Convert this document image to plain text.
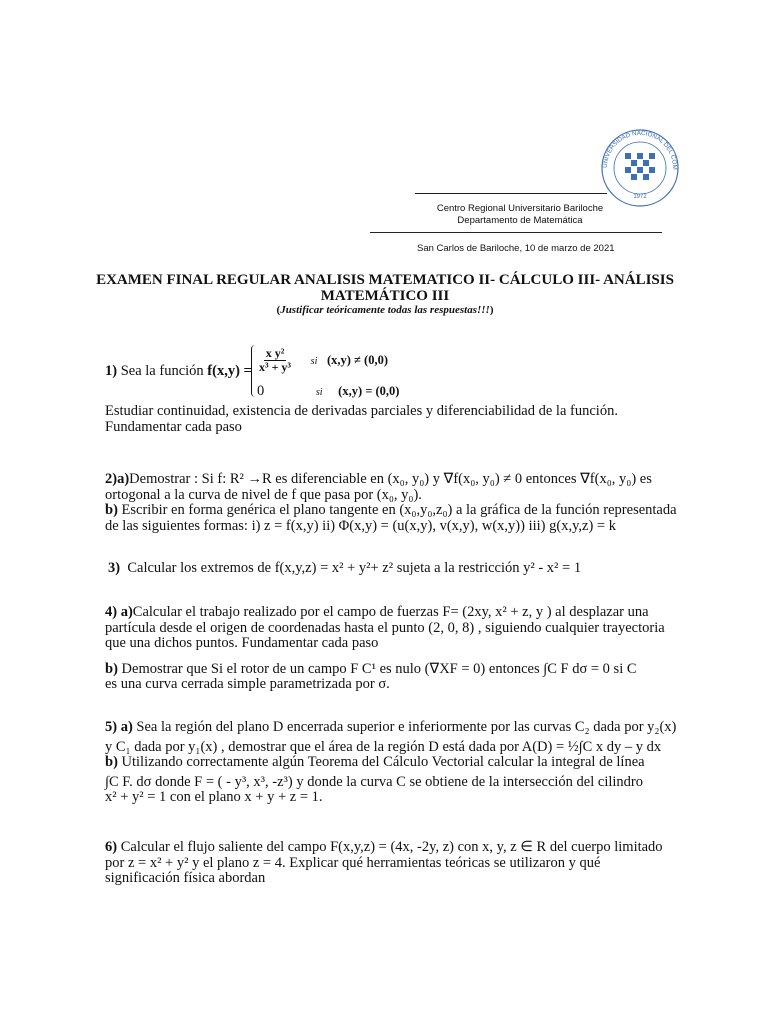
Centro Regional Universitario Bariloche
Departamento de Matemática
San Carlos de Bariloche, 10 de marzo de 2021
UNIVERSIDAD NACIONAL DEL COM
1972
EXAMEN FINAL REGULAR ANALISIS MATEMATICO II- CÁLCULO III- ANÁLISIS
MATEMÁTICO III
(Justificar teóricamente todas las respuestas!!!)
1) Sea la función $f(x,y) = \frac{\text{x y²}}{\text{x³ + y³}}$ si (x,y) ≠ (0,0)
0	si (x,y) = (0,0)
Estudiar continuidad, existencia de derivadas parciales y diferenciabilidad de la función.
Fundamentar cada paso
2)a)Demostrar : Si f: R² →R es diferenciable en (x₀, y₀) y ∇f(x₀, y₀) ≠ 0 entonces ∇f(x₀, y₀) es
ortogonal a la curva de nivel de f que pasa por (x₀, y₀).
b) Escribir en forma genérica el plano tangente en (x₀,y₀,z₀) a la gráfica de la función representada
de las siguientes formas: i) z = f(x,y) ii) Φ(x,y) = (u(x,y), v(x,y), w(x,y)) iii) g(x,y,z) = k
3) Calcular los extremos de f(x,y,z) = x² + y²+ z² sujeta a la restricción y² - x² = 1
4) a)Calcular el trabajo realizado por el campo de fuerzas F= (2xy, x² + z, y ) al desplazar una
partícula desde el origen de coordenadas hasta el punto (2, 0, 8) , siguiendo cualquier trayectoria
que una dichos puntos. Fundamentar cada paso
b) Demostrar que Si el rotor de un campo F C¹ es nulo (∇XF = 0) entonces ∫C F dσ = 0 si C
es una curva cerrada simple parametrizada por σ.
5) a) Sea la región del plano D encerrada superior e inferiormente por las curvas C₂ dada por y₂(x)
y C₁ dada por y₁(x) , demostrar que el área de la región D está dada por A(D) = ½∫C x dy – y dx
b) Utilizando correctamente algún Teorema del Cálculo Vectorial calcular la integral de línea
∫C F. dσ donde F = ( - y³, x³, -z³) y donde la curva C se obtiene de la intersección del cilindro
x² + y² = 1 con el plano x + y + z = 1.
6) Calcular el flujo saliente del campo F(x,y,z) = (4x, -2y, z) con x, y, z ∈ R del cuerpo limitado
por z = x² + y² y el plano z = 4. Explicar qué herramientas teóricas se utilizaron y qué
significación física abordan
